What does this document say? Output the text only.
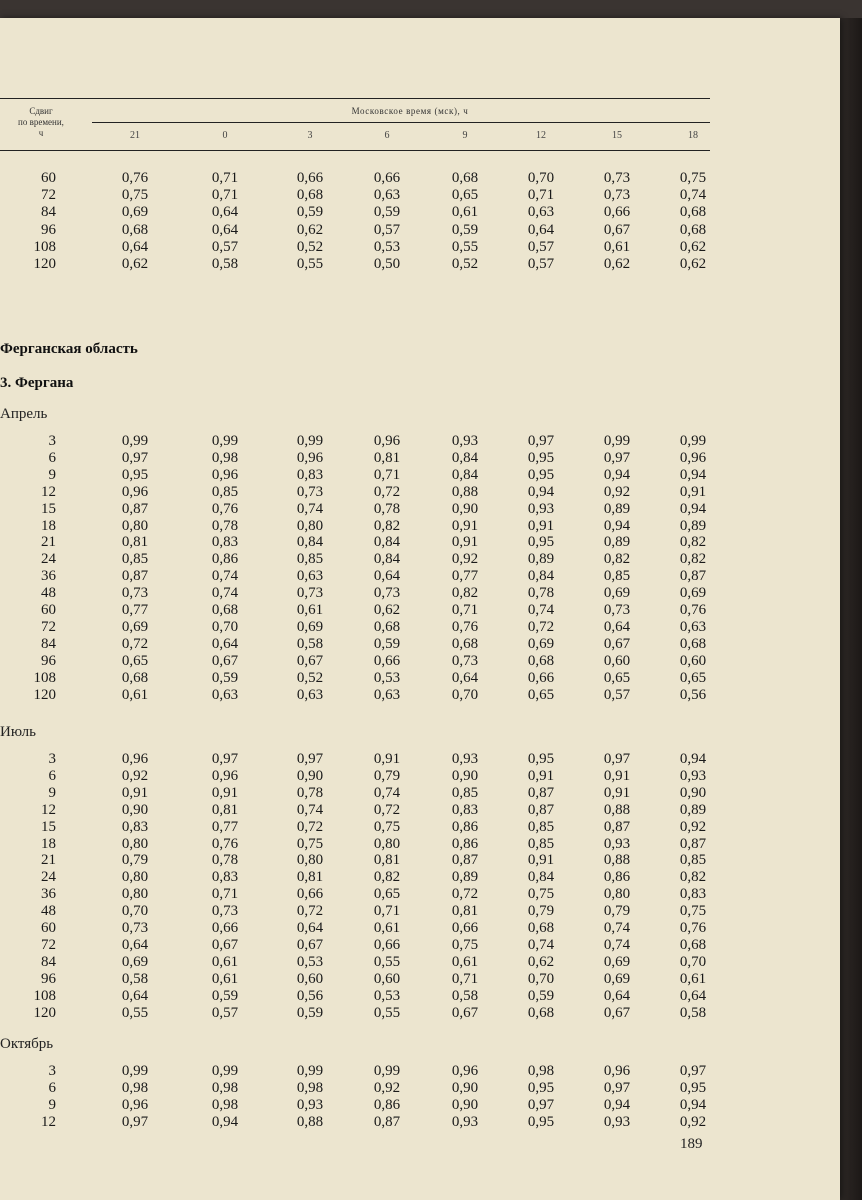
Сдвиг
по времени,
ч
Московское время (мск), ч
21	0	3	6	9	12	15	18
60	0,76	0,71	0,66	0,66	0,68	0,70	0,73	0,75
72	0,75	0,71	0,68	0,63	0,65	0,71	0,73	0,74
84	0,69	0,64	0,59	0,59	0,61	0,63	0,66	0,68
96	0,68	0,64	0,62	0,57	0,59	0,64	0,67	0,68
108	0,64	0,57	0,52	0,53	0,55	0,57	0,61	0,62
120	0,62	0,58	0,55	0,50	0,52	0,57	0,62	0,62
Ферганская область
3. Фергана
Апрель
3	0,99	0,99	0,99	0,96	0,93	0,97	0,99	0,99
6	0,97	0,98	0,96	0,81	0,84	0,95	0,97	0,96
9	0,95	0,96	0,83	0,71	0,84	0,95	0,94	0,94
12	0,96	0,85	0,73	0,72	0,88	0,94	0,92	0,91
15	0,87	0,76	0,74	0,78	0,90	0,93	0,89	0,94
18	0,80	0,78	0,80	0,82	0,91	0,91	0,94	0,89
21	0,81	0,83	0,84	0,84	0,91	0,95	0,89	0,82
24	0,85	0,86	0,85	0,84	0,92	0,89	0,82	0,82
36	0,87	0,74	0,63	0,64	0,77	0,84	0,85	0,87
48	0,73	0,74	0,73	0,73	0,82	0,78	0,69	0,69
60	0,77	0,68	0,61	0,62	0,71	0,74	0,73	0,76
72	0,69	0,70	0,69	0,68	0,76	0,72	0,64	0,63
84	0,72	0,64	0,58	0,59	0,68	0,69	0,67	0,68
96	0,65	0,67	0,67	0,66	0,73	0,68	0,60	0,60
108	0,68	0,59	0,52	0,53	0,64	0,66	0,65	0,65
120	0,61	0,63	0,63	0,63	0,70	0,65	0,57	0,56
Июль
3	0,96	0,97	0,97	0,91	0,93	0,95	0,97	0,94
6	0,92	0,96	0,90	0,79	0,90	0,91	0,91	0,93
9	0,91	0,91	0,78	0,74	0,85	0,87	0,91	0,90
12	0,90	0,81	0,74	0,72	0,83	0,87	0,88	0,89
15	0,83	0,77	0,72	0,75	0,86	0,85	0,87	0,92
18	0,80	0,76	0,75	0,80	0,86	0,85	0,93	0,87
21	0,79	0,78	0,80	0,81	0,87	0,91	0,88	0,85
24	0,80	0,83	0,81	0,82	0,89	0,84	0,86	0,82
36	0,80	0,71	0,66	0,65	0,72	0,75	0,80	0,83
48	0,70	0,73	0,72	0,71	0,81	0,79	0,79	0,75
60	0,73	0,66	0,64	0,61	0,66	0,68	0,74	0,76
72	0,64	0,67	0,67	0,66	0,75	0,74	0,74	0,68
84	0,69	0,61	0,53	0,55	0,61	0,62	0,69	0,70
96	0,58	0,61	0,60	0,60	0,71	0,70	0,69	0,61
108	0,64	0,59	0,56	0,53	0,58	0,59	0,64	0,64
120	0,55	0,57	0,59	0,55	0,67	0,68	0,67	0,58
Октябрь
3	0,99	0,99	0,99	0,99	0,96	0,98	0,96	0,97
6	0,98	0,98	0,98	0,92	0,90	0,95	0,97	0,95
9	0,96	0,98	0,93	0,86	0,90	0,97	0,94	0,94
12	0,97	0,94	0,88	0,87	0,93	0,95	0,93	0,92
189
